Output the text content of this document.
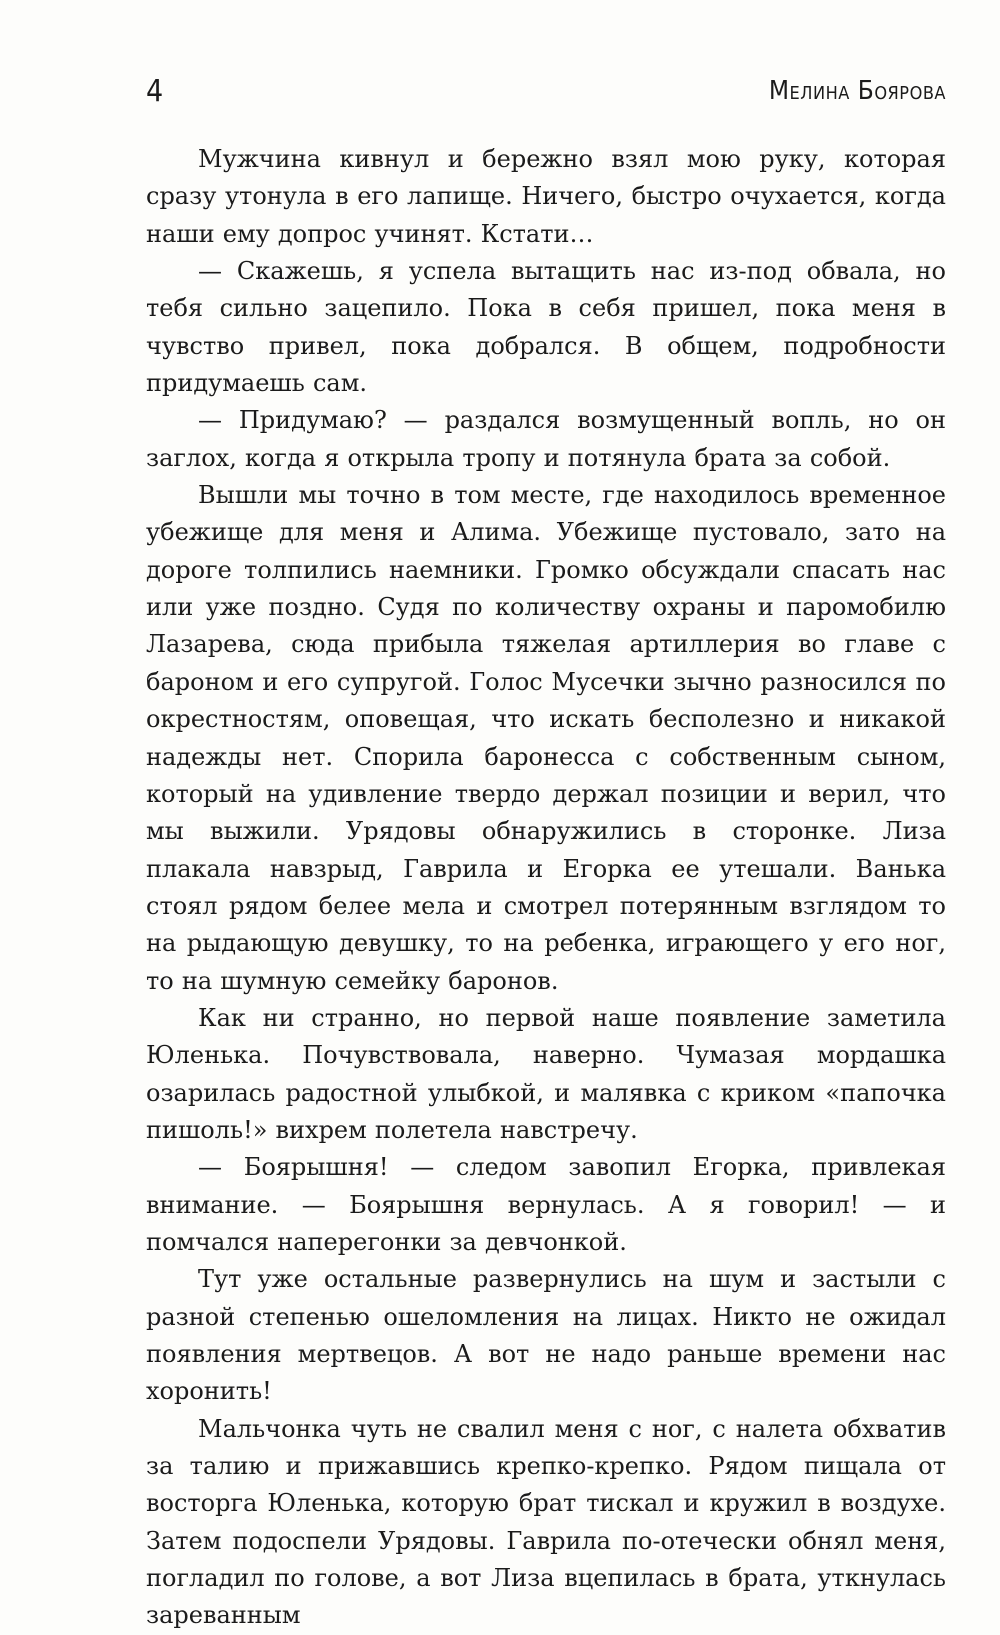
4	Мелина Боярова

Мужчина кивнул и бережно взял мою руку, которая сразу утонула в его лапище. Ничего, быстро очухается, когда наши ему допрос учинят. Кстати…

— Скажешь, я успела вытащить нас из-под обвала, но тебя сильно зацепило. Пока в себя пришел, пока меня в чувство привел, пока добрался. В общем, подробности придумаешь сам.

— Придумаю? — раздался возмущенный вопль, но он заглох, когда я открыла тропу и потянула брата за собой.

Вышли мы точно в том месте, где находилось временное убежище для меня и Алима. Убежище пустовало, зато на дороге толпились наемники. Громко обсуждали спасать нас или уже поздно. Судя по количеству охраны и паромобилю Лазарева, сюда прибыла тяжелая артиллерия во главе с бароном и его супругой. Голос Мусечки зычно разносился по окрестностям, оповещая, что искать бесполезно и никакой надежды нет. Спорила баронесса с собственным сыном, который на удивление твердо держал позиции и верил, что мы выжили. Урядовы обнаружились в сторонке. Лиза плакала навзрыд, Гаврила и Егорка ее утешали. Ванька стоял рядом белее мела и смотрел потерянным взглядом то на рыдающую девушку, то на ребенка, играющего у его ног, то на шумную семейку баронов.

Как ни странно, но первой наше появление заметила Юленька. Почувствовала, наверно. Чумазая мордашка озарилась радостной улыбкой, и малявка с криком «папочка пишоль!» вихрем полетела навстречу.

— Боярышня! — следом завопил Егорка, привлекая внимание. — Боярышня вернулась. А я говорил! — и помчался наперегонки за девчонкой.

Тут уже остальные развернулись на шум и застыли с разной степенью ошеломления на лицах. Никто не ожидал появления мертвецов. А вот не надо раньше времени нас хоронить!

Мальчонка чуть не свалил меня с ног, с налета обхватив за талию и прижавшись крепко-крепко. Рядом пищала от восторга Юленька, которую брат тискал и кружил в воздухе. Затем подоспели Урядовы. Гаврила по-отечески обнял меня, погладил по голове, а вот Лиза вцепилась в брата, уткнулась зареванным
